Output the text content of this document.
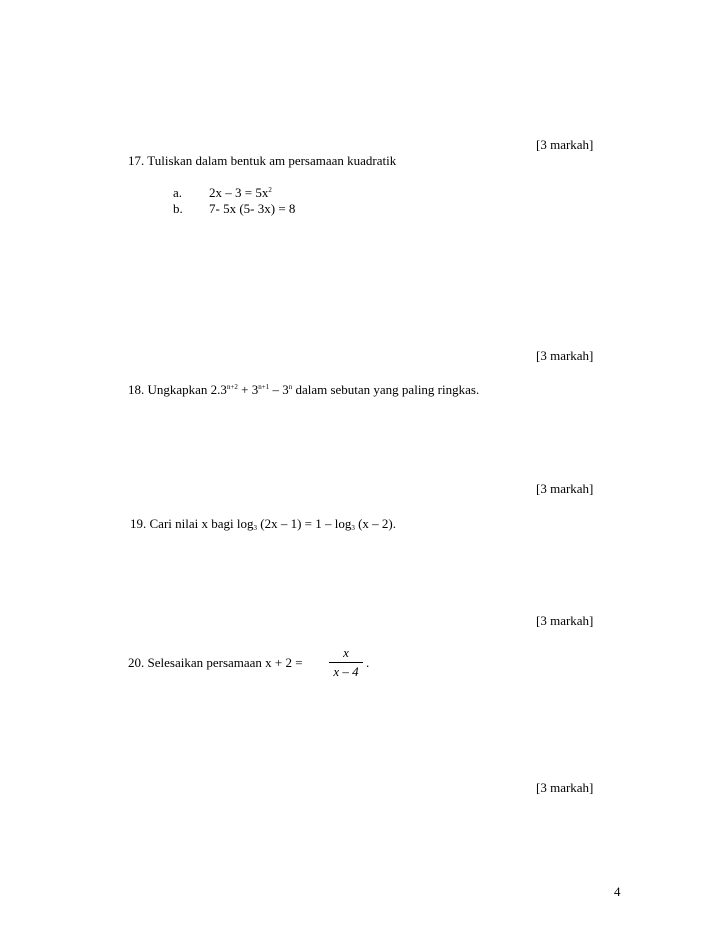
[3 markah]
17. Tuliskan dalam bentuk am persamaan kuadratik
a. $2x - 3 = 5x^2$
b. 7- 5x (5- 3x) = 8
[3 markah]
18. Ungkapkan $2.3^{n+2} + 3^{n+1} - 3^n$ dalam sebutan yang paling ringkas.
[3 markah]
19. Cari nilai x bagi $\log_3 (2x - 1) = 1 - \log_3 (x - 2)$.
[3 markah]
20. Selesaikan persamaan x + 2 =
x
x – 4
.
[3 markah]
4
